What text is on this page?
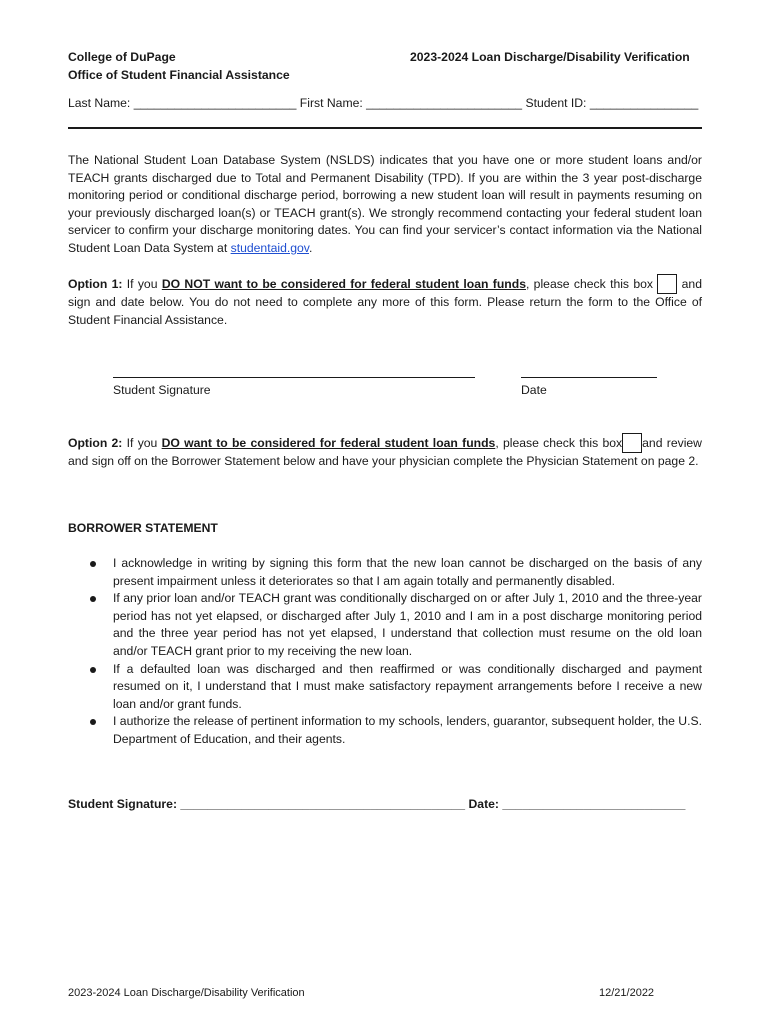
College of DuPage
Office of Student Financial Assistance
2023-2024 Loan Discharge/Disability Verification
Last Name: ________________________ First Name: _______________________ Student ID: ________________

The National Student Loan Database System (NSLDS) indicates that you have one or more student loans and/or TEACH grants discharged due to Total and Permanent Disability (TPD). If you are within the 3 year post-discharge monitoring period or conditional discharge period, borrowing a new student loan will result in payments resuming on your previously discharged loan(s) or TEACH grant(s). We strongly recommend contacting your federal student loan servicer to confirm your discharge monitoring dates. You can find your servicer’s contact information via the National Student Loan Data System at studentaid.gov.

Option 1: If you DO NOT want to be considered for federal student loan funds, please check this box  and sign and date below. You do not need to complete any more of this form. Please return the form to the Office of Student Financial Assistance.

Student Signature	Date

Option 2: If you DO want to be considered for federal student loan funds, please check this box and review and sign off on the Borrower Statement below and have your physician complete the Physician Statement on page 2.

BORROWER STATEMENT
I acknowledge in writing by signing this form that the new loan cannot be discharged on the basis of any present impairment unless it deteriorates so that I am again totally and permanently disabled.
If any prior loan and/or TEACH grant was conditionally discharged on or after July 1, 2010 and the three-year period has not yet elapsed, or discharged after July 1, 2010 and I am in a post discharge monitoring period and the three year period has not yet elapsed, I understand that collection must resume on the old loan and/or TEACH grant prior to my receiving the new loan.
If a defaulted loan was discharged and then reaffirmed or was conditionally discharged and payment resumed on it, I understand that I must make satisfactory repayment arrangements before I receive a new loan and/or grant funds.
I authorize the release of pertinent information to my schools, lenders, guarantor, subsequent holder, the U.S. Department of Education, and their agents.
Student Signature: __________________________________________ Date: ___________________________
2023-2024 Loan Discharge/Disability Verification	12/21/2022
